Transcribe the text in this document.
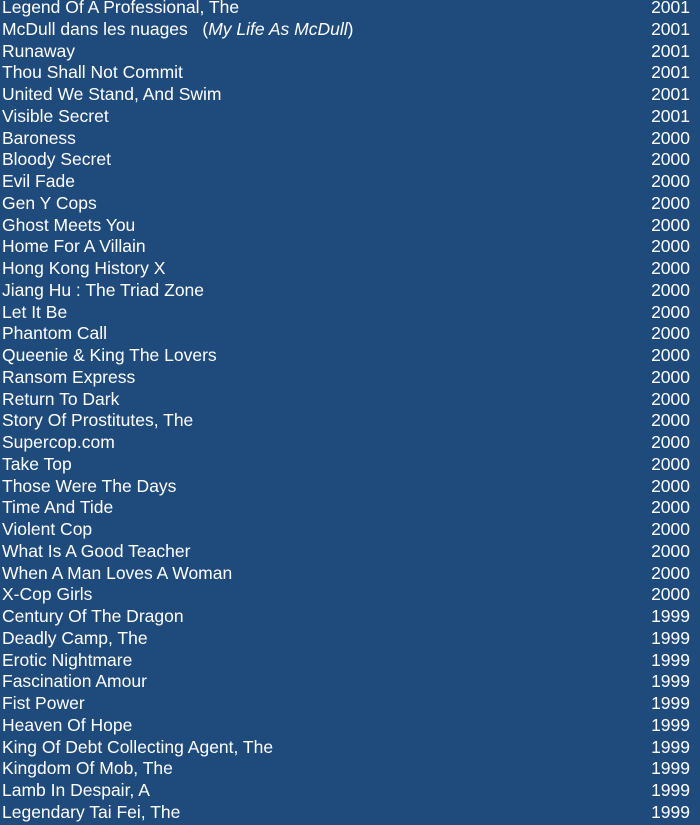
Legend Of A Professional, The	2001
McDull dans les nuages   (My Life As McDull)	2001
Runaway	2001
Thou Shall Not Commit	2001
United We Stand, And Swim	2001
Visible Secret	2001
Baroness	2000
Bloody Secret	2000
Evil Fade	2000
Gen Y Cops	2000
Ghost Meets You	2000
Home For A Villain	2000
Hong Kong History X	2000
Jiang Hu : The Triad Zone	2000
Let It Be	2000
Phantom Call	2000
Queenie & King The Lovers	2000
Ransom Express	2000
Return To Dark	2000
Story Of Prostitutes, The	2000
Supercop.com	2000
Take Top	2000
Those Were The Days	2000
Time And Tide	2000
Violent Cop	2000
What Is A Good Teacher	2000
When A Man Loves A Woman	2000
X-Cop Girls	2000
Century Of The Dragon	1999
Deadly Camp, The	1999
Erotic Nightmare	1999
Fascination Amour	1999
Fist Power	1999
Heaven Of Hope	1999
King Of Debt Collecting Agent, The	1999
Kingdom Of Mob, The	1999
Lamb In Despair, A	1999
Legendary Tai Fei, The	1999
